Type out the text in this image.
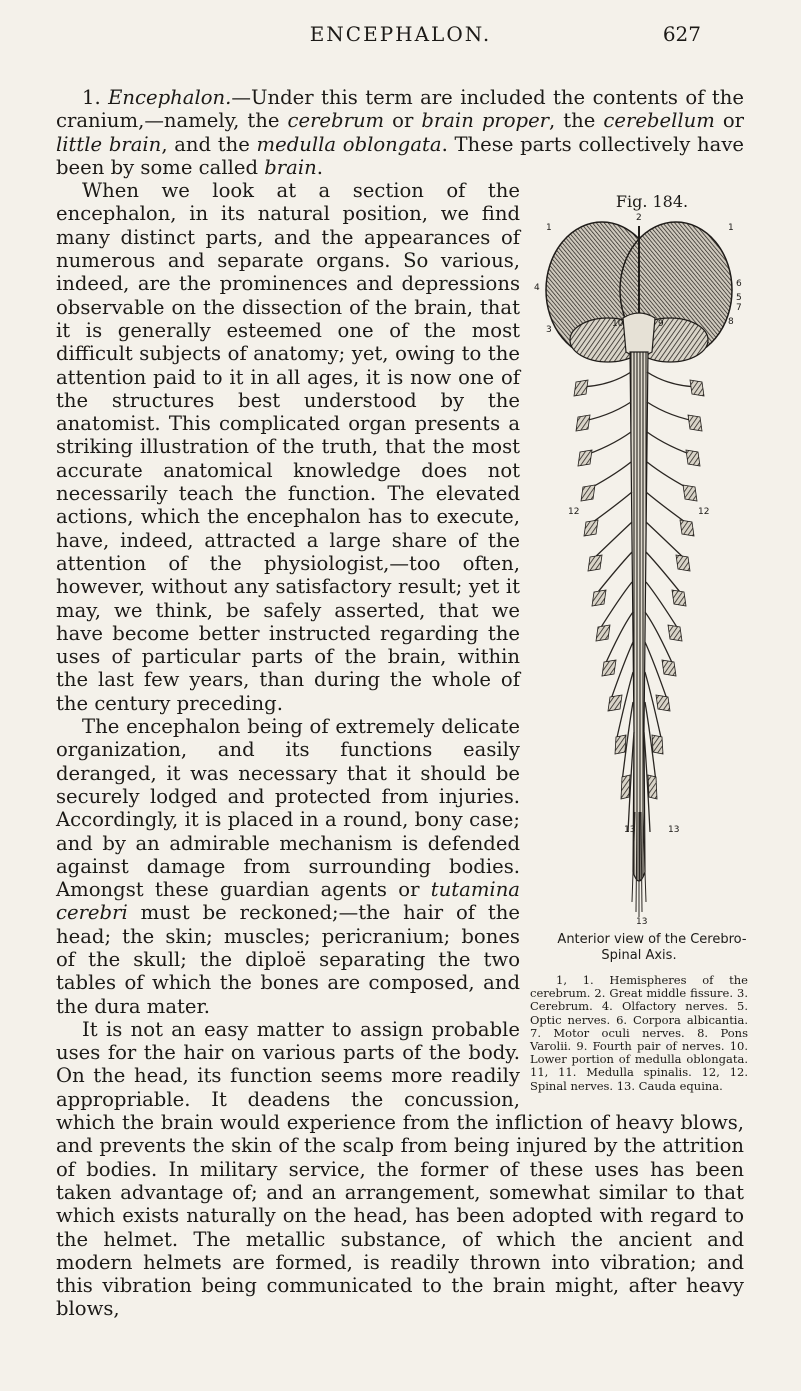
ENCEPHALON.	627

1. Encephalon.—Under this term are included the contents of the cranium,—namely, the cerebrum or brain proper, the cerebellum or little brain, and the medulla oblongata. These parts collectively have been by some called
Fig. 184.
1
2
1
4
5
6
7
8
3
10	9
12	12
13	13
13
Anterior view of the Cerebro-Spinal Axis.
1, 1. Hemispheres of the cerebrum. 2. Great middle fissure. 3. Cerebrum. 4. Olfactory nerves. 5. Optic nerves. 6. Corpora albicantia. 7. Motor oculi nerves. 8. Pons Varolii. 9. Fourth pair of nerves. 10. Lower portion of medulla oblongata. 11, 11. Medulla spinalis. 12, 12. Spinal nerves. 13. Cauda equina.
brain.

When we look at a section of the encephalon, in its natural position, we find many distinct parts, and the appearances of numerous and separate organs. So various, indeed, are the prominences and depressions observable on the dissection of the brain, that it is generally esteemed one of the most difficult subjects of anatomy; yet, owing to the attention paid to it in all ages, it is now one of the structures best understood by the anatomist. This complicated organ presents a striking illustration of the truth, that the most accurate anatomical knowledge does not necessarily teach the function. The elevated actions, which the encephalon has to execute, have, indeed, attracted a large share of the attention of the physiologist,—too often, however, without any satisfactory result; yet it may, we think, be safely asserted, that we have become better instructed regarding the uses of particular parts of the brain, within the last few years, than during the whole of the century preceding.

The encephalon being of extremely delicate organization, and its functions easily deranged, it was necessary that it should be securely lodged and protected from injuries. Accordingly, it is placed in a round, bony case; and by an admirable mechanism is defended against damage from surrounding bodies. Amongst these guardian agents or tutamina cerebri must be reckoned;—the hair of the head; the skin; muscles; pericranium; bones of the skull; the diploë separating the two tables of which the bones are composed, and the dura mater.

It is not an easy matter to assign probable uses for the hair on various parts of the body. On the head, its function seems more readily appropriable. It deadens the concussion, which the brain would experience from the infliction of heavy blows, and prevents the skin of the scalp from being injured by the attrition of bodies. In military service, the former of these uses has been taken advantage of; and an arrangement, somewhat similar to that which exists naturally on the head, has been adopted with regard to the helmet. The metallic substance, of which the ancient and modern helmets are formed, is readily thrown into vibration; and this vibration being communicated to the brain might, after heavy blows,
